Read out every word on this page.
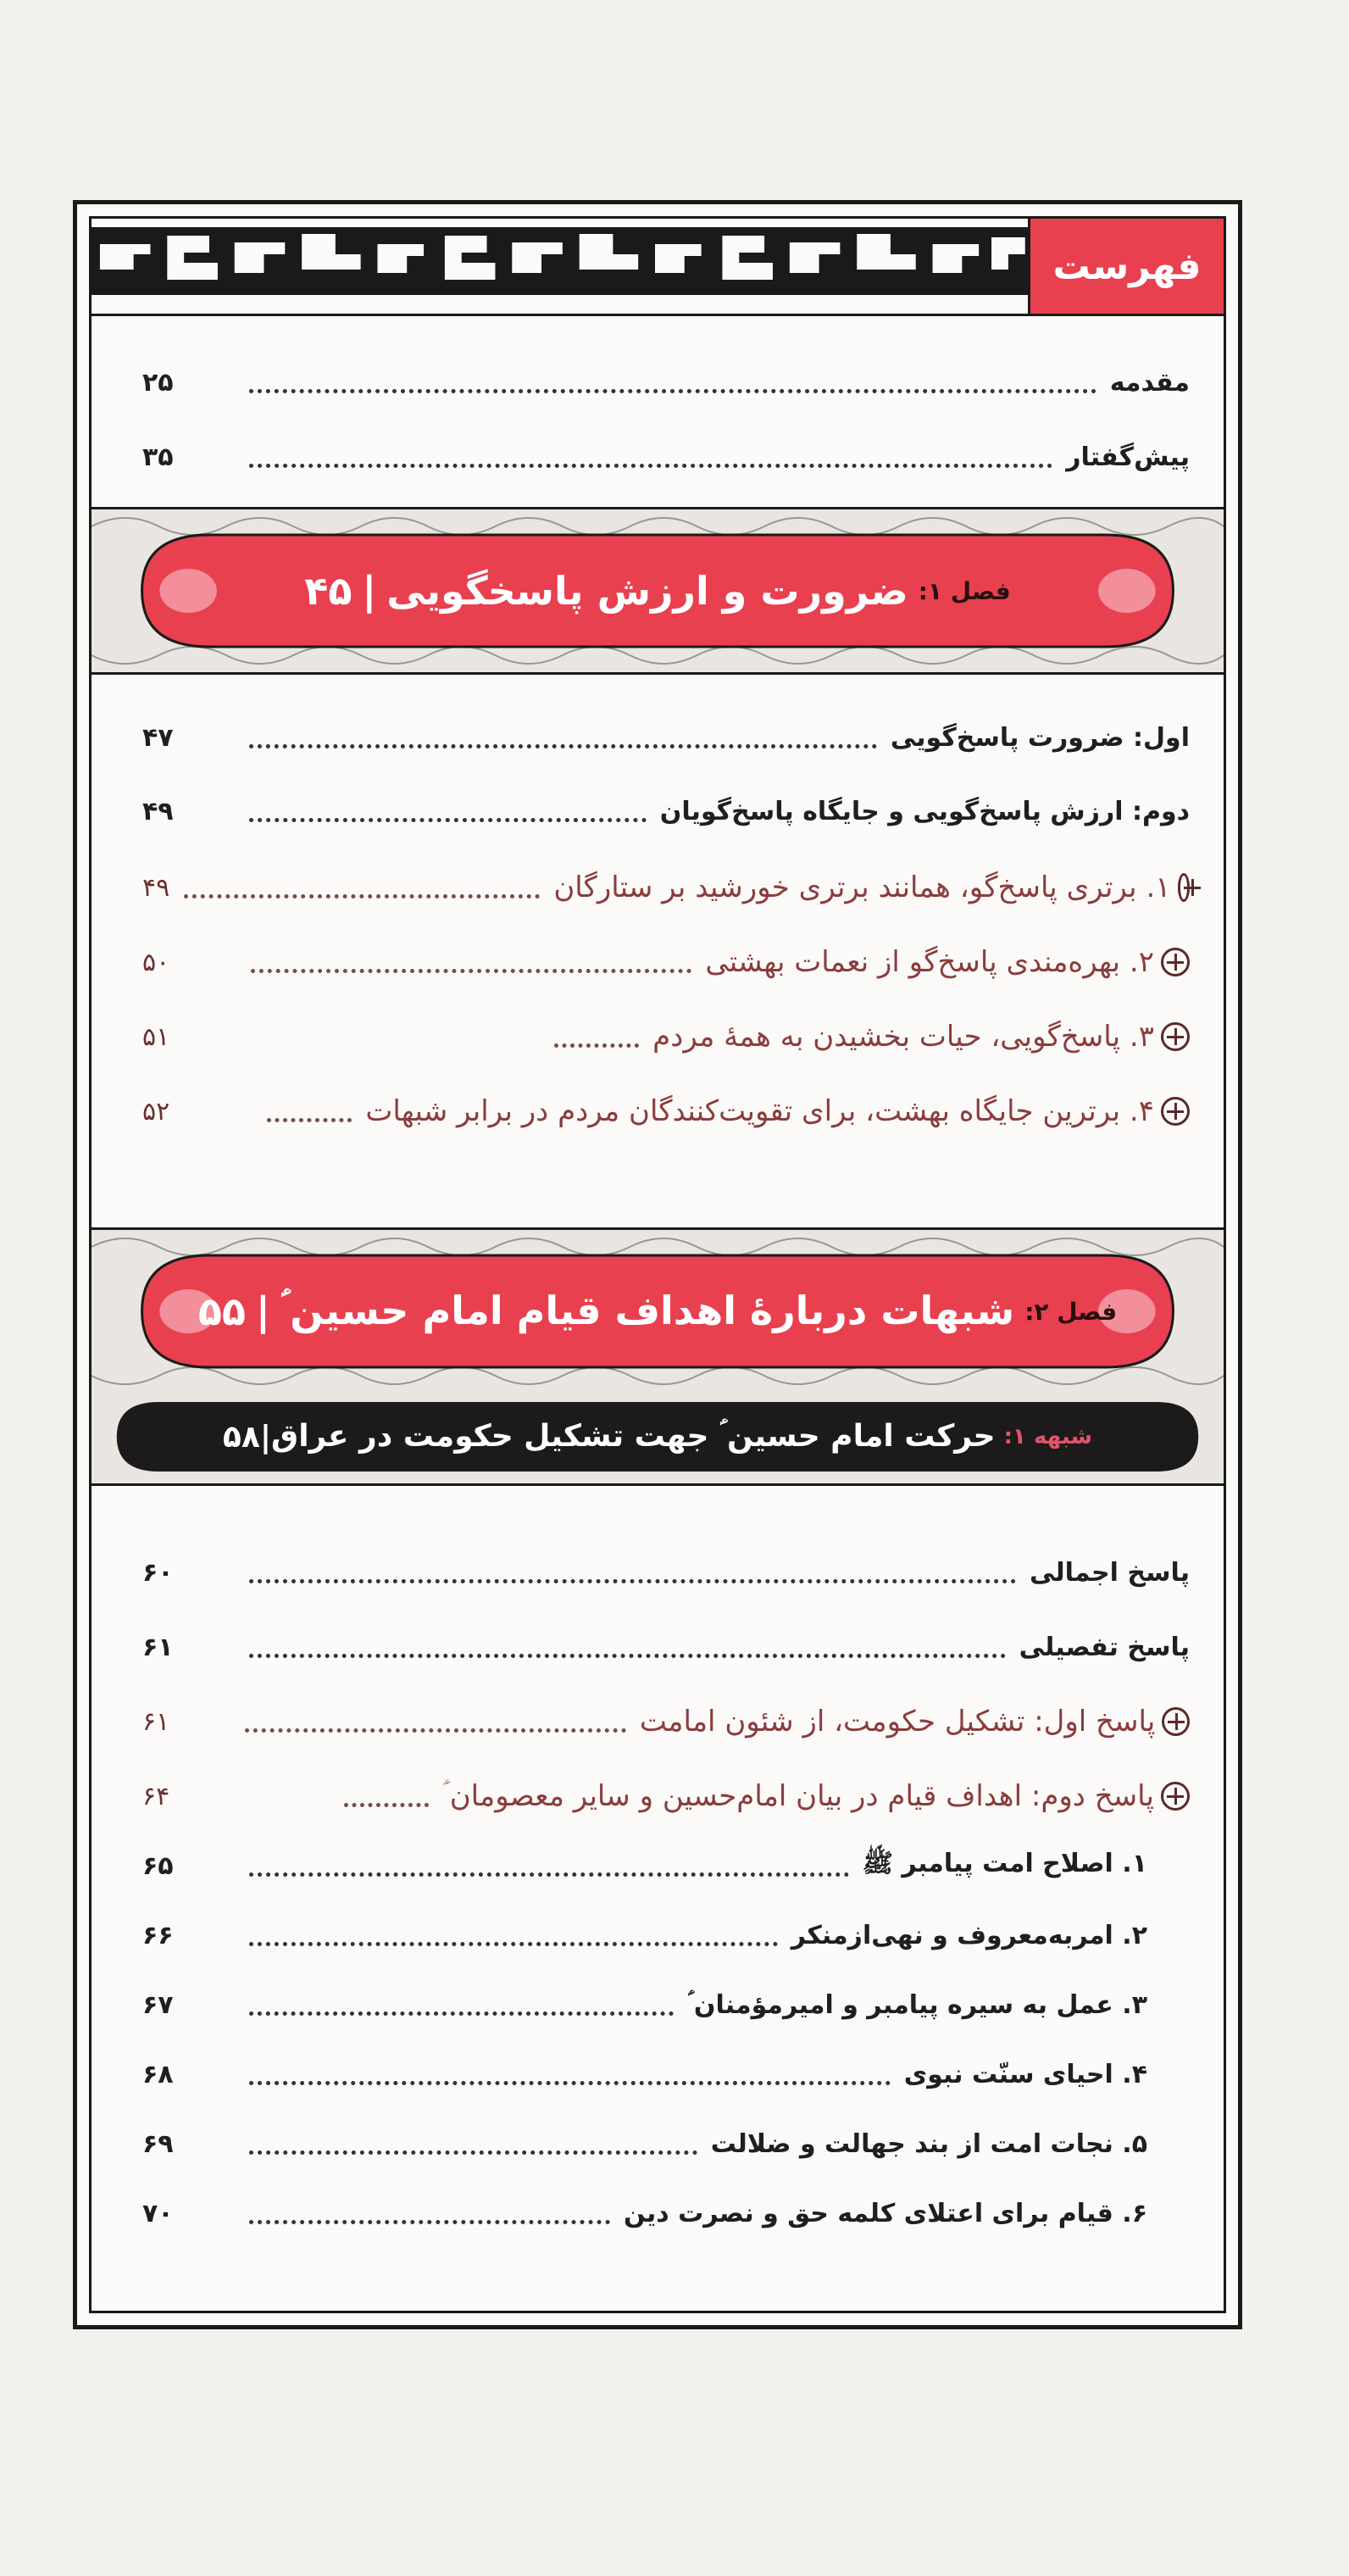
فهرست
مقدمه
۲۵
پیش‌گفتار
۳۵
فصل ۱:
ضرورت و ارزش پاسخگویی
|
۴۵
اول: ضرورت پاسخ‌گویی
۴۷
دوم: ارزش پاسخ‌گویی و جایگاه پاسخ‌گویان
۴۹
۱. برتری پاسخ‌گو، همانند برتری خورشید بر ستارگان
۴۹
۲. بهره‌مندی پاسخ‌گو از نعمات بهشتی
۵۰
۳. پاسخ‌گویی، حیات بخشیدن به همهٔ مردم
۵۱
۴. برترین جایگاه بهشت، برای تقویت‌کنندگان مردم در برابر شبهات
۵۲
فصل ۲:
شبهات دربارهٔ اهداف قیام امام حسین ؑ
|
۵۵
شبهه ۱:
حرکت امام حسین ؑ جهت تشکیل حکومت در عراق
|
۵۸
پاسخ اجمالی
۶۰
پاسخ تفصیلی
۶۱
پاسخ اول: تشکیل حکومت، از شئون امامت
۶۱
پاسخ دوم: اهداف قیام در بیان امام‌حسین و سایر معصومان ؑ
۶۴
۱. اصلاح امت پیامبر ﷺ
۶۵
۲. امربه‌معروف و نهی‌ازمنکر
۶۶
۳. عمل به سیره پیامبر و امیرمؤمنان ؑ
۶۷
۴. احیای سنّت نبوی
۶۸
۵. نجات امت از بند جهالت و ضلالت
۶۹
۶. قیام برای اعتلای کلمه حق و نصرت دین
۷۰
